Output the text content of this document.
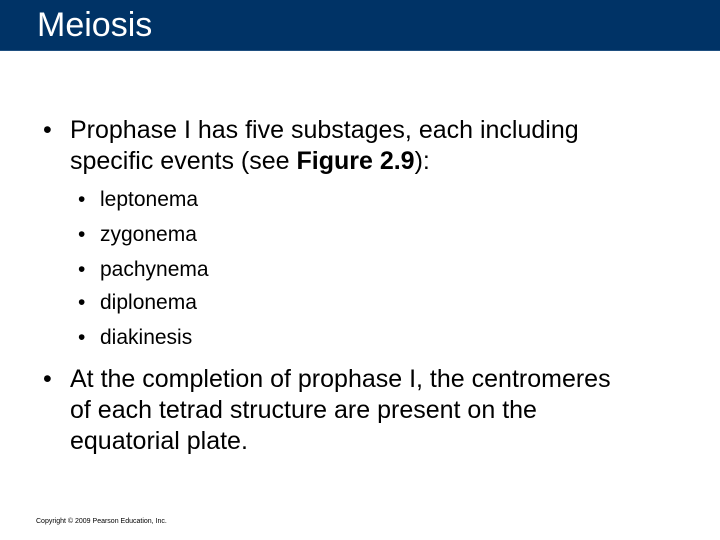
Meiosis
• Prophase I has five substages, each including
specific events (see Figure 2.9):
• leptonema
• zygonema
• pachynema
• diplonema
• diakinesis
• At the completion of prophase I, the centromeres
of each tetrad structure are present on the
equatorial plate.
Copyright © 2009 Pearson Education, Inc.
